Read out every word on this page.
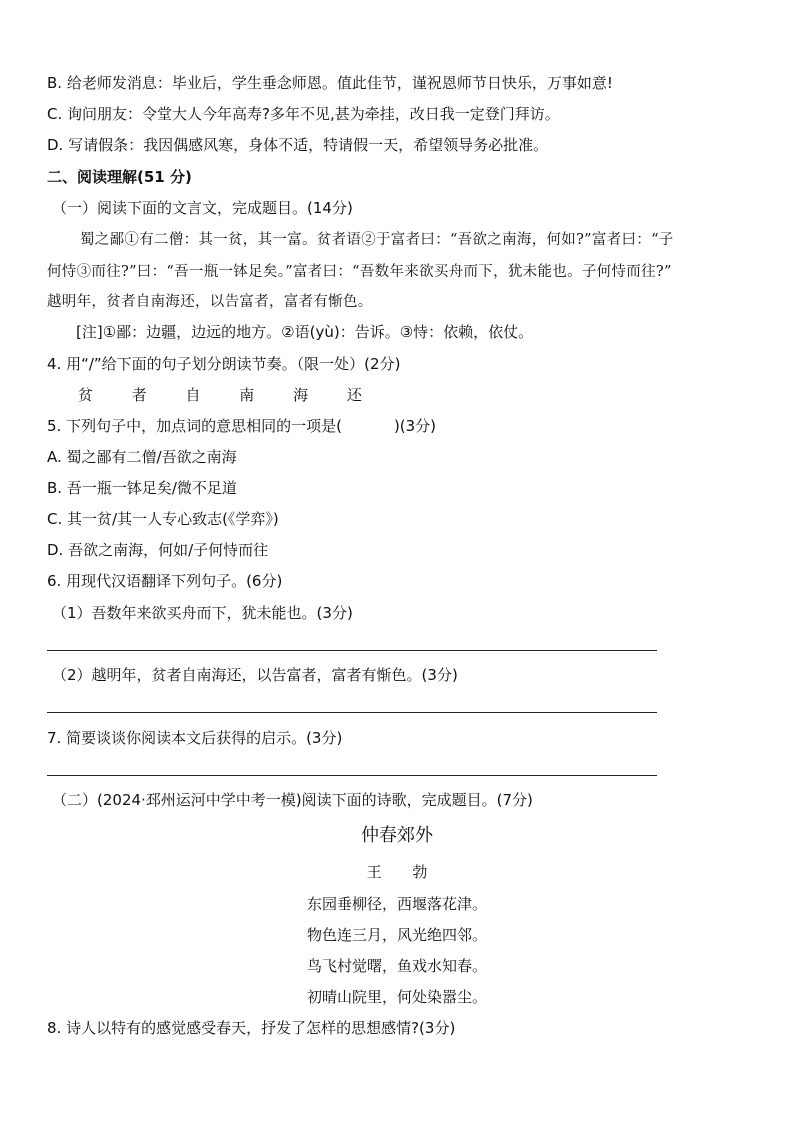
B. 给老师发消息：毕业后，学生垂念师恩。值此佳节，谨祝恩师节日快乐，万事如意!
C. 询问朋友：令堂大人今年高寿?多年不见,甚为牵挂，改日我一定登门拜访。
D. 写请假条：我因偶感风寒，身体不适，特请假一天，希望领导务必批准。
二、阅读理解(51 分)
（一）阅读下面的文言文，完成题目。(14分)
蜀之鄙①有二僧：其一贫，其一富。贫者语②于富者曰：“吾欲之南海，何如?”富者曰：“子
何恃③而往?”曰：“吾一瓶一钵足矣。”富者曰：“吾数年来欲买舟而下，犹未能也。子何恃而往?”
越明年，贫者自南海还，以告富者，富者有惭色。
[注]①鄙：边疆，边远的地方。②语(yù)：告诉。③恃：依赖，依仗。
4. 用“/”给下面的句子划分朗读节奏。（限一处）(2分)
贫 者 自 南 海 还
5. 下列句子中，加点词的意思相同的一项是(	)(3分)
A. 蜀之鄙有二僧/吾欲之南海
B. 吾一瓶一钵足矣/微不足道
C. 其一贫/其一人专心致志(《学弈》)
D. 吾欲之南海，何如/子何恃而往
6. 用现代汉语翻译下列句子。(6分)
（1）吾数年来欲买舟而下，犹未能也。(3分)
（2）越明年，贫者自南海还，以告富者，富者有惭色。(3分)
7. 简要谈谈你阅读本文后获得的启示。(3分)
（二）(2024·邳州运河中学中考一模)阅读下面的诗歌，完成题目。(7分)
仲春郊外
王 勃
东园垂柳径，西堰落花津。
物色连三月，风光绝四邻。
鸟飞村觉曙，鱼戏水知春。
初晴山院里，何处染嚣尘。
8. 诗人以特有的感觉感受春天，抒发了怎样的思想感情?(3分)
